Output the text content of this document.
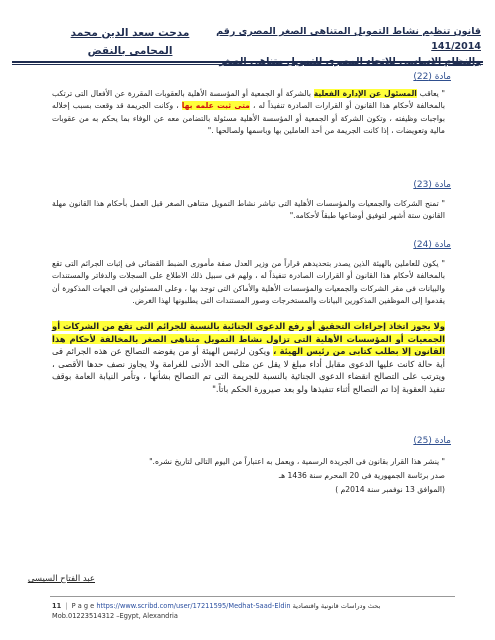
قانون تنظيم نشاط التمويل المتناهى الصغر المصرى رقم 141/2014
والنظام الاساسى للاتحاد المصرى للتمويل متناهى الصغر
مدحت سعد الدين محمد
المحامى بالنقض
مادة (22)
" يعاقب المسئول عن الإدارة الفعلية بالشركة أو الجمعية أو المؤسسة الأهلية بالعقوبات المقررة عن الأفعال التى ترتكب بالمخالفة لأحكام هذا القانون أو القرارات الصادرة تنفيذاً له ، متى ثبت علمه بها ، وكانت الجريمة قد وقعت بسبب إخلاله بواجبات وظيفته ، وتكون الشركة أو الجمعية أو المؤسسة الأهلية مسئولة بالتضامن معه عن الوفاء بما يحكم به من عقوبات مالية وتعويضات ، إذا كانت الجريمة من أحد العاملين بها وباسمها ولصالحها ."
مادة (23)
" تمنح الشركات والجمعيات والمؤسسات الأهلية التى تباشر نشاط التمويل متناهى الصغر قبل العمل بأحكام هذا القانون مهلة القانون ستة أشهر لتوفيق أوضاعها طبقاً لأحكامه."
مادة (24)
" يكون للعاملين بالهيئة الذين يصدر بتحديدهم قراراً من وزير العدل صفة مأمورى الضبط القضائى فى إثبات الجرائم التى تقع بالمخالفة لأحكام هذا القانون أو القرارات الصادرة تنفيذاً له ، ولهم فى سبيل ذلك الاطلاع على السجلات والدفاتر والمستندات والبيانات فى مقر الشركات والجمعيات والمؤسسات الأهلية والأماكن التى توجد بها ، وعلى المسئولين فى الجهات المذكورة أن يقدموا إلى الموظفين المذكورين البيانات والمستخرجات وصور المستندات التى يطلبونها لهذا الغرض.
ولا يجوز اتخاذ إجراءات التحقيق أو رفع الدعوى الجنائية بالنسبة للجرائم التى تقع من الشركات أو الجمعيات أو المؤسسات الأهلية التى تزاول نشاط التمويل متناهى الصغر بالمخالفة لأحكام هذا القانون إلا بطلب كتابى من رئيس الهيئة ، ويكون لرئيس الهيئة أو من يفوضه التصالح عن هذه الجرائم فى أية حالة كانت عليها الدعوى مقابل أداء مبلغ لا يقل عن مثلى الحد الأدنى للغرامة ولا يجاوز نصف حدها الأقصى ، ويترتب على التصالح انقضاء الدعوى الجنائية بالنسبة للجريمة التى تم التصالح بشأنها ، وتأمر النيابة العامة بوقف تنفيذ العقوبة إذا تم التصالح أثناء تنفيذها ولو بعد صيرورة الحكم باتاً."
مادة (25)
" ينشر هذا القرار بقانون فى الجريدة الرسمية ، ويعمل به اعتباراً من اليوم التالى لتاريخ نشره."
صدر برئاسة الجمهورية فى 20 المحرم سنة 1436 هـ
(الموافق 13 نوفمبر سنة 2014م )
عبد الفتاح السيسى
11 | P a g e https://www.scribd.com/user/17211595/Medhat-Saad-Eldin بحث ودراسات قانونية واقتصادية
Mob.01223514312 –Egypt, Alexandria
